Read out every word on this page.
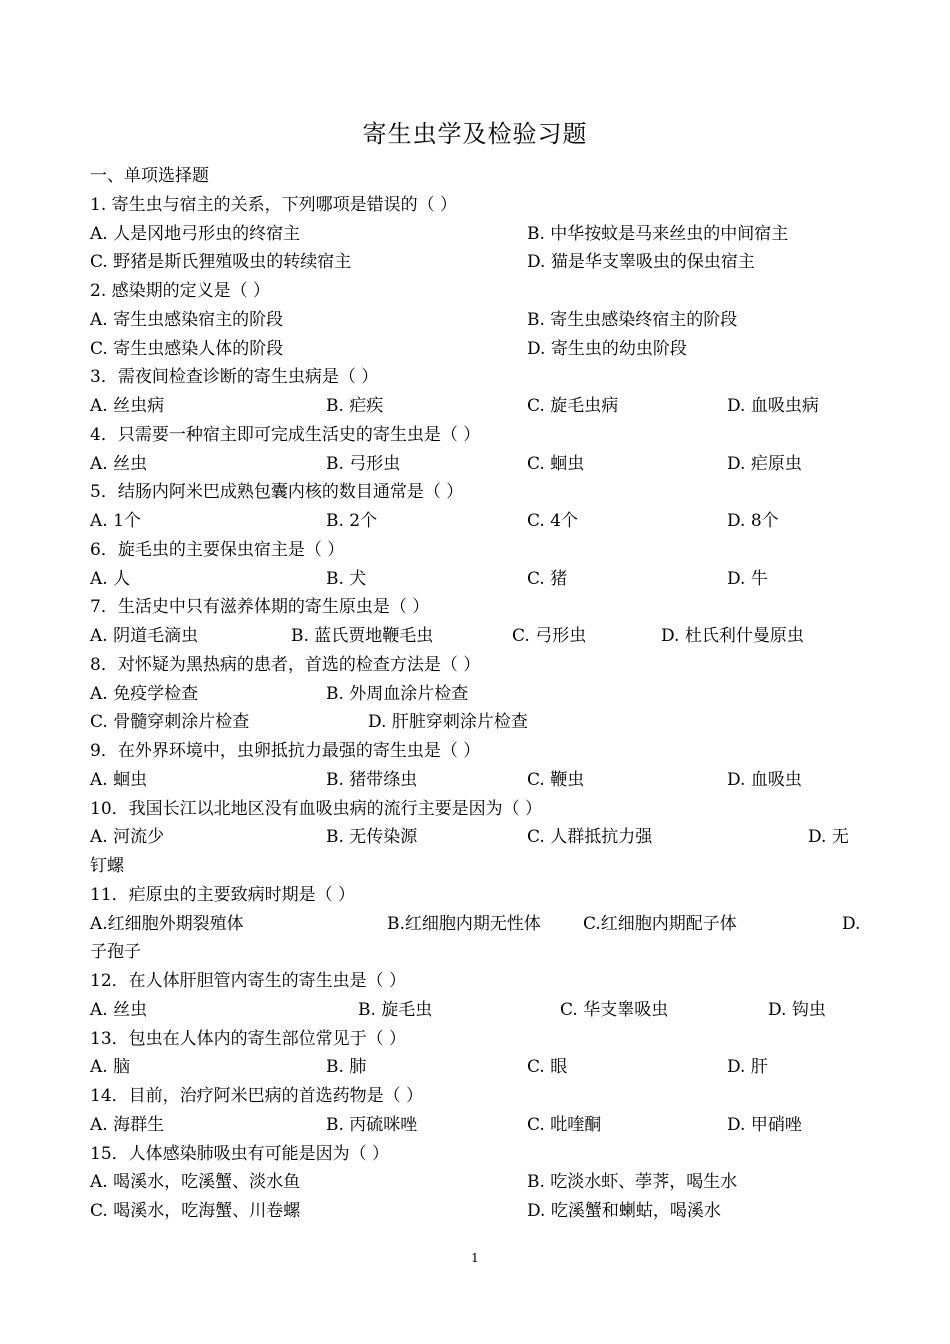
寄生虫学及检验习题
一、单项选择题
1. 寄生虫与宿主的关系，下列哪项是错误的（ ）
A. 人是冈地弓形虫的终宿主	B. 中华按蚊是马来丝虫的中间宿主
C. 野猪是斯氏狸殖吸虫的转续宿主	D. 猫是华支睾吸虫的保虫宿主
2. 感染期的定义是（ ）
A. 寄生虫感染宿主的阶段	B. 寄生虫感染终宿主的阶段
C. 寄生虫感染人体的阶段	D. 寄生虫的幼虫阶段
3．需夜间检查诊断的寄生虫病是（ ）
A. 丝虫病	B. 疟疾	C. 旋毛虫病	D. 血吸虫病
4．只需要一种宿主即可完成生活史的寄生虫是（ ）
A. 丝虫	B. 弓形虫	C. 蛔虫	D. 疟原虫
5．结肠内阿米巴成熟包囊内核的数目通常是（ ）
A. 1个	B. 2个	C. 4个	D. 8个
6．旋毛虫的主要保虫宿主是（ ）
A. 人	B. 犬	C. 猪	D. 牛
7．生活史中只有滋养体期的寄生原虫是（ ）
A. 阴道毛滴虫	B. 蓝氏贾地鞭毛虫	C. 弓形虫	D. 杜氏利什曼原虫
8．对怀疑为黑热病的患者，首选的检查方法是（ ）
A. 免疫学检查	B. 外周血涂片检查
C. 骨髓穿刺涂片检查	D. 肝脏穿刺涂片检查
9．在外界环境中，虫卵抵抗力最强的寄生虫是（ ）
A. 蛔虫	B. 猪带绦虫	C. 鞭虫	D. 血吸虫
10．我国长江以北地区没有血吸虫病的流行主要是因为（ ）
A. 河流少	B. 无传染源	C. 人群抵抗力强	D. 无
钉螺
11．疟原虫的主要致病时期是（ ）
A.红细胞外期裂殖体	B.红细胞内期无性体 C.红细胞内期配子体	D.
子孢子
12．在人体肝胆管内寄生的寄生虫是（ ）
A. 丝虫	B. 旋毛虫	C. 华支睾吸虫	D. 钩虫
13．包虫在人体内的寄生部位常见于（ ）
A. 脑	B. 肺	C. 眼	D. 肝
14．目前，治疗阿米巴病的首选药物是（ ）
A. 海群生	B. 丙硫咪唑	C. 吡喹酮	D. 甲硝唑
15．人体感染肺吸虫有可能是因为（ ）
A. 喝溪水，吃溪蟹、淡水鱼	B. 吃淡水虾、荸荠，喝生水
C. 喝溪水，吃海蟹、川卷螺	D. 吃溪蟹和蝲蛄，喝溪水
1
